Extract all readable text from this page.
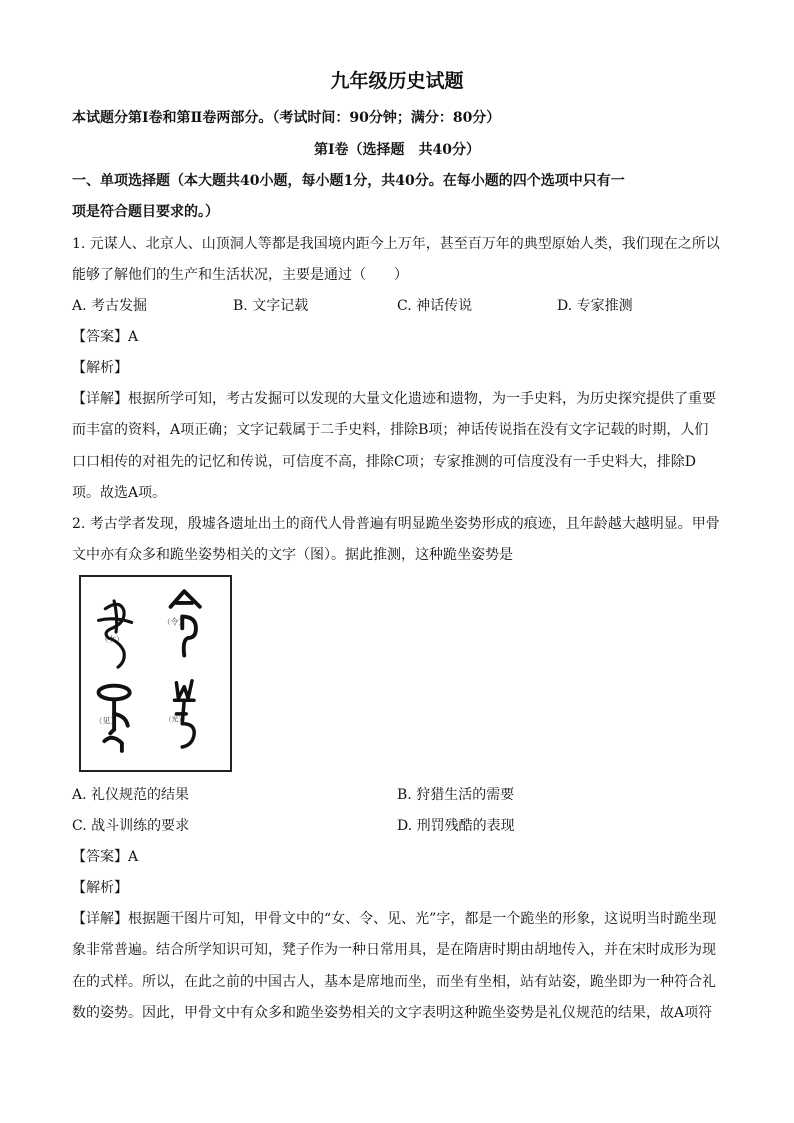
九年级历史试题
本试题分第Ⅰ卷和第Ⅱ卷两部分。（考试时间：90分钟；满分：80分）
第Ⅰ卷（选择题　共40分）
一、单项选择题（本大题共40小题，每小题1分，共40分。在每小题的四个选项中只有一
项是符合题目要求的。）
1. 元谋人、北京人、山顶洞人等都是我国境内距今上万年，甚至百万年的典型原始人类，我们现在之所以
能够了解他们的生产和生活状况，主要是通过（　　）
A. 考古发掘	B. 文字记载	C. 神话传说	D. 专家推测
【答案】A
【解析】
【详解】根据所学可知，考古发掘可以发现的大量文化遗迹和遗物，为一手史料，为历史探究提供了重要
而丰富的资料，A项正确；文字记载属于二手史料，排除B项；神话传说指在没有文字记载的时期，人们
口口相传的对祖先的记忆和传说，可信度不高，排除C项；专家推测的可信度没有一手史料大，排除D
项。故选A项。
2. 考古学者发现，殷墟各遗址出土的商代人骨普遍有明显跪坐姿势形成的痕迹，且年龄越大越明显。甲骨
文中亦有众多和跪坐姿势相关的文字（图）。据此推测，这种跪坐姿势是
（女）
（令）
（见）	（光）
A. 礼仪规范的结果	B. 狩猎生活的需要
C. 战斗训练的要求	D. 刑罚残酷的表现
【答案】A
【解析】
【详解】根据题干图片可知，甲骨文中的“女、令、见、光”字，都是一个跪坐的形象，这说明当时跪坐现
象非常普遍。结合所学知识可知，凳子作为一种日常用具，是在隋唐时期由胡地传入，并在宋时成形为现
在的式样。所以，在此之前的中国古人，基本是席地而坐，而坐有坐相，站有站姿，跪坐即为一种符合礼
数的姿势。因此，甲骨文中有众多和跪坐姿势相关的文字表明这种跪坐姿势是礼仪规范的结果，故A项符
